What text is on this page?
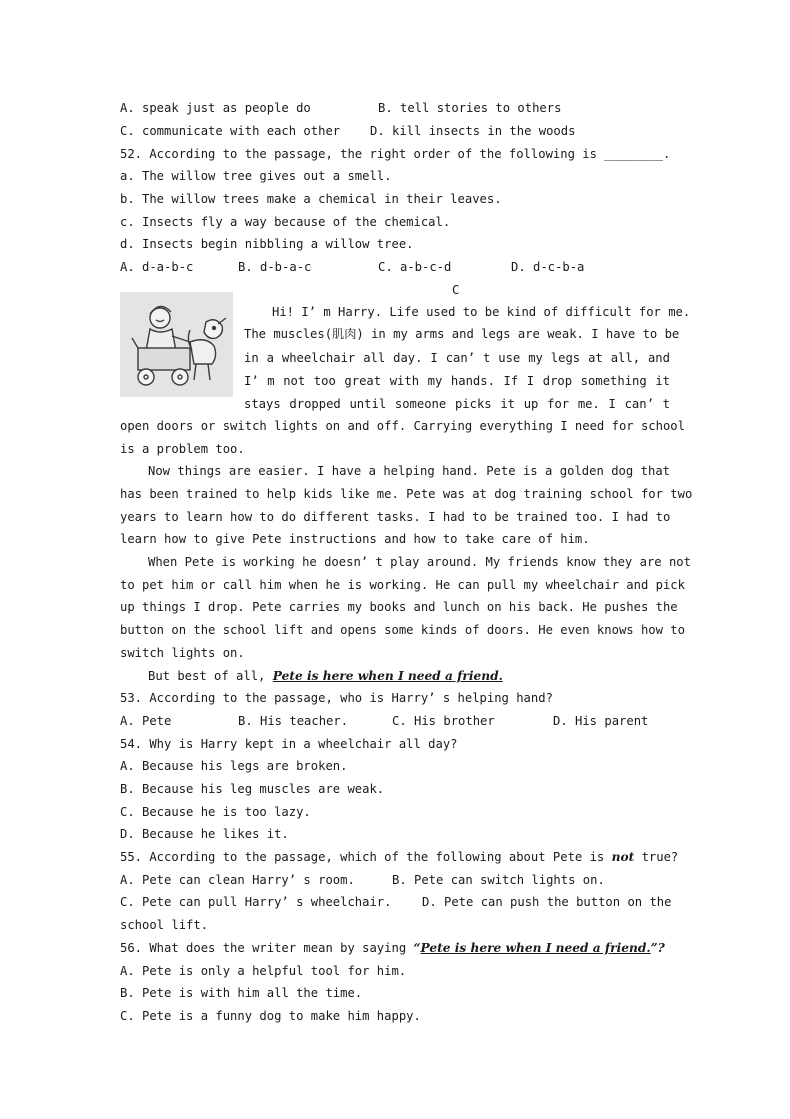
A. speak just as people do	B. tell stories to others
C. communicate with each other D. kill insects in the woods
52. According to the passage, the right order of the following is ________.
a. The willow tree gives out a smell.
b. The willow trees make a chemical in their leaves.
c. Insects fly a way because of the chemical.
d. Insects begin nibbling a willow tree.
A. d-a-b-c	B. d-b-a-c	C. a-b-c-d	D. d-c-b-a
C
Hi! I’ m Harry. Life used to be kind of difficult for me.
The muscles(肌肉) in my arms and legs are weak. I have to be
in a wheelchair all day. I can’ t use my legs at all, and
I’ m not too great with my hands. If I drop something it
stays dropped until someone picks it up for me. I can’ t
open doors or switch lights on and off. Carrying everything I need for school
is a problem too.
Now things are easier. I have a helping hand. Pete is a golden dog that
has been trained to help kids like me. Pete was at dog training school for two
years to learn how to do different tasks. I had to be trained too. I had to
learn how to give Pete instructions and how to take care of him.
When Pete is working he doesn’ t play around. My friends know they are not
to pet him or call him when he is working. He can pull my wheelchair and pick
up things I drop. Pete carries my books and lunch on his back. He pushes the
button on the school lift and opens some kinds of doors. He even knows how to
switch lights on.
But best of all, Pete is here when I need a friend.
53. According to the passage, who is Harry’ s helping hand?
A. Pete	B. His teacher.	C. His brother	D. His parent
54. Why is Harry kept in a wheelchair all day?
A. Because his legs are broken.
B. Because his leg muscles are weak.
C. Because he is too lazy.
D. Because he likes it.
55. According to the passage, which of the following about Pete is not true?
A. Pete can clean Harry’ s room.	B. Pete can switch lights on.
C. Pete can pull Harry’ s wheelchair.	D. Pete can push the button on the
school lift.
56. What does the writer mean by saying “Pete is here when I need a friend.”?
A. Pete is only a helpful tool for him.
B. Pete is with him all the time.
C. Pete is a funny dog to make him happy.
